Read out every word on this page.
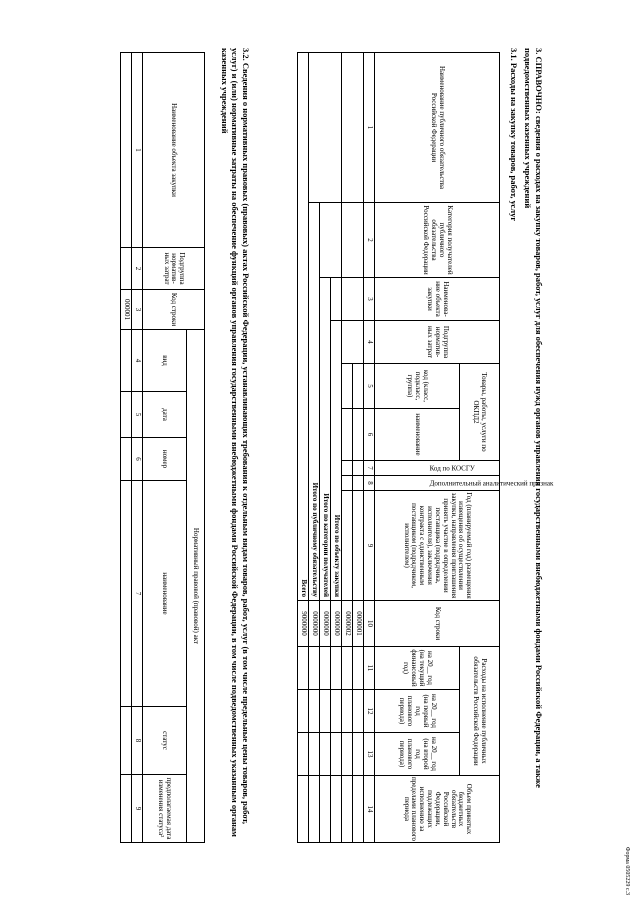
Форма 0505229 с.3
3. СПРАВОЧНО: сведения о расходах на закупку товаров, работ, услуг для обеспечения нужд органов управления государственными внебюджетными фондами Российской Федерации, а также подведомственных казенных учреждений
3.1. Расходы на закупку товаров, работ, услуг
Наименование публичного обязательства Российской Федерации	Категория получателей публичного обязательства Российской Федерации	Наименова-ние объекта закупки	Подгруппа норматив-ных затрат	Товары, работы, услуги по ОКПД2		Код по КОСГУ	Дополнительный аналитический признак	Год (планируемый год) размещения извещения об осуществлении закупки, направления приглашения принять участие в определении поставщика (подрядчика, исполнителя), заключения контракта с единственным поставщиком (подрядчиком, исполнителем)	Код строки	Расходы на исполнение публичных обязательств Российской Федерации			Объем принятых бюджетных обязательств Российской Федерации, подлежащих исполнению за пределами планового периода
				код (класс, подкласс, группа)	наименование					на 20__ год (на текущий финансовый год)	на 20__ год (на первый год планового периода)	на 20__ год (на второй год планового периода)	

1	2	3	4	5	6	7	8	9	10	11	12	13	14
									0000001				
									0000002				
			Итого по объекту закупки						0000000				
		Итого по категории получателей							0000000				
	Итого по публичному обязательству								0000000				
Всего									9000000				
3.2. Сведения о нормативных правовых (правовых) актах Российской Федерации, устанавливающих требования к отдельным видам товаров, работ, услуг (в том числе предельные цены товаров, работ, услуг) и (или) нормативные затраты на обеспечение функций органов управления государственными внебюджетными фондами Российской Федерации, в том числе подведомственных указанным органам казенных учреждений
Наименование объекта закупки	Подгруппа норматив-ных затрат	Код строки	Нормативный правовой (правовой) акт					
			вид	дата	номер	наименование	статус	предполагаемая дата изменения статуса²
1	2	3	4	5	6	7	8	9
		000001						
